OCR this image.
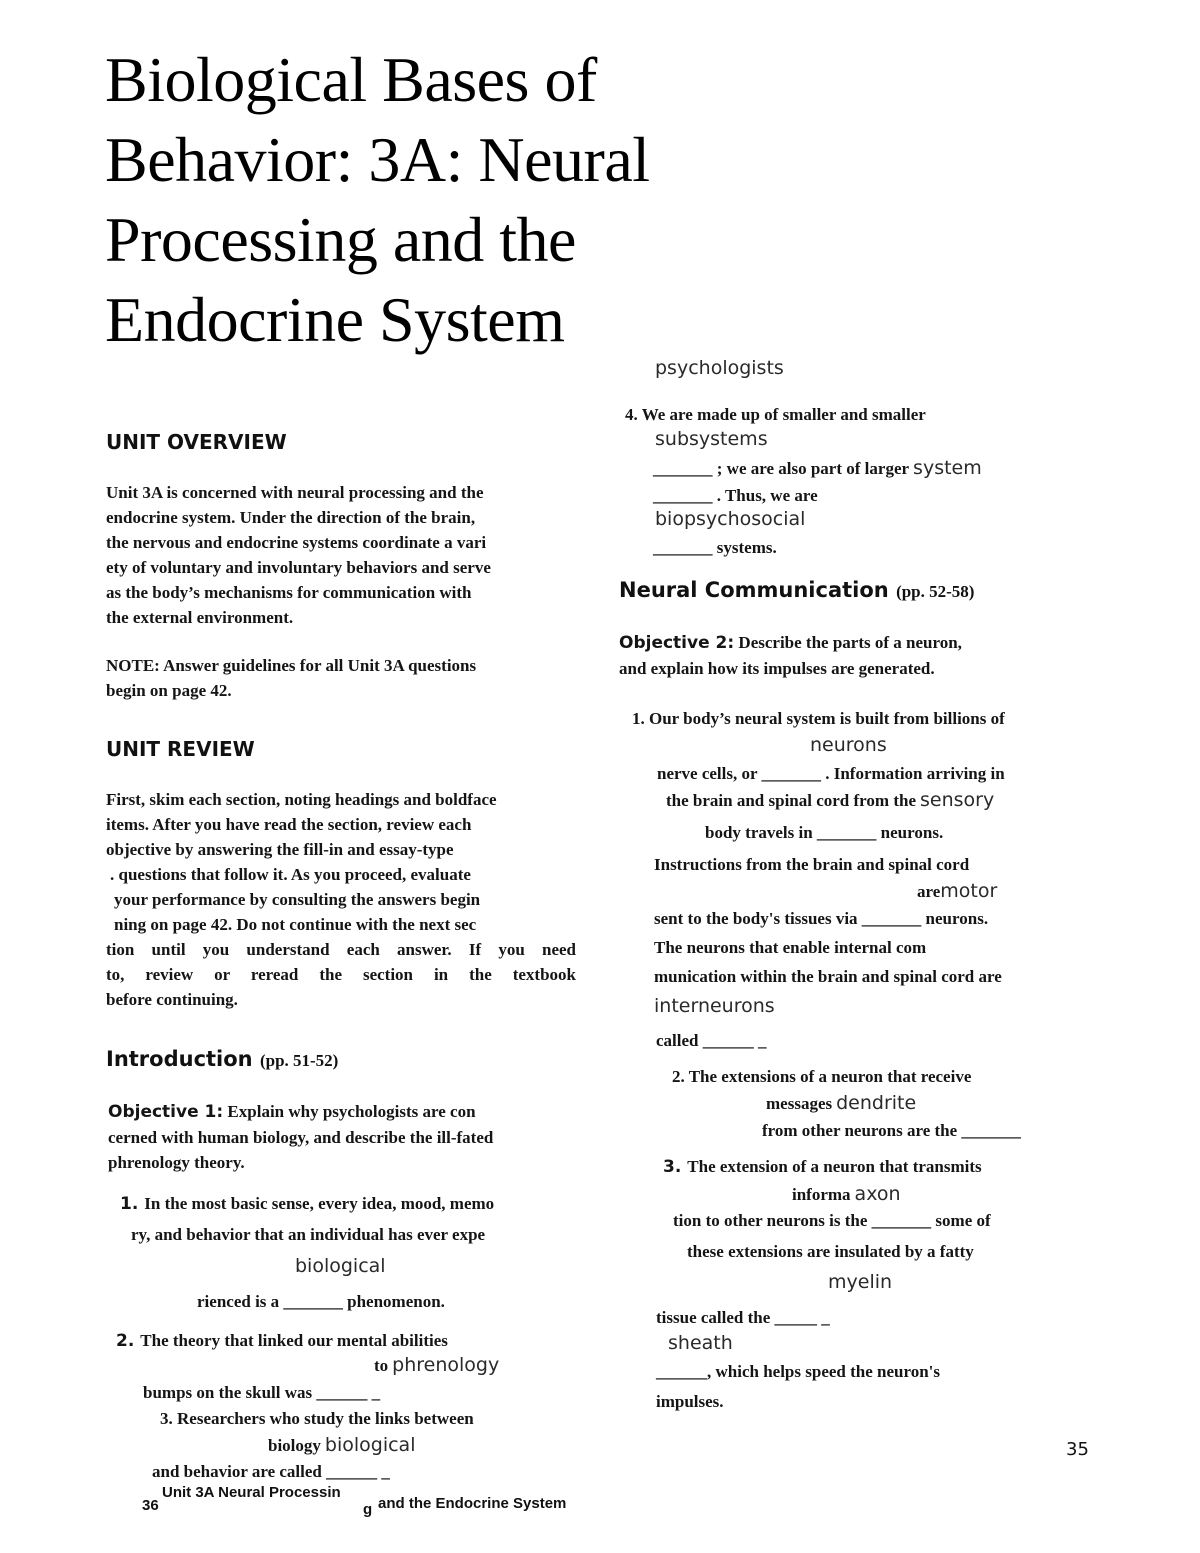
Biological Bases of
Behavior: 3A: Neural
Processing and the
Endocrine System
UNIT OVERVIEW
Unit 3A is concerned with neural processing and the
endocrine system. Under the direction of the brain,
the nervous and endocrine systems coordinate a vari
ety of voluntary and involuntary behaviors and serve
as the body’s mechanisms for communication with
the external environment.
NOTE: Answer guidelines for all Unit 3A questions
begin on page 42.
UNIT REVIEW
First, skim each section, noting headings and boldface
items. After you have read the section, review each
objective by answering the fill-in and essay-type
. questions that follow it. As you proceed, evaluate
your performance by consulting the answers begin
ning on page 42. Do not continue with the next sec
tion until you understand each answer. If you need
to, review or reread the section in the textbook
before continuing.
Introduction (pp. 51-52)
Objective 1: Explain why psychologists are con
cerned with human biology, and describe the ill-fated
phrenology theory.
1. In the most basic sense, every idea, mood, memo
ry, and behavior that an individual has ever expe
biological
rienced is a _______ phenomenon.
2. The theory that linked our mental abilities
to phrenology
bumps on the skull was ______ _
3. Researchers who study the links between
biology biological
and behavior are called ______ _
psychologists
4. We are made up of smaller and smaller
subsystems
_______ ; we are also part of larger system
_______ . Thus, we are
biopsychosocial
_______ systems.
Neural Communication (pp. 52-58)
Objective 2: Describe the parts of a neuron,
and explain how its impulses are generated.
1. Our body’s neural system is built from billions of
neurons
nerve cells, or _______ . Information arriving in
the brain and spinal cord from the sensory
body travels in _______ neurons.
Instructions from the brain and spinal cord
aremotor
sent to the body's tissues via _______ neurons.
The neurons that enable internal com
munication within the brain and spinal cord are
interneurons
called ______ _
2. The extensions of a neuron that receive
messages dendrite
from other neurons are the _______
3. The extension of a neuron that transmits
informa axon
tion to other neurons is the _______ some of
these extensions are insulated by a fatty
myelin
tissue called the _____ _
sheath
______, which helps speed the neuron's
impulses.
36
Unit 3A Neural Processin
g and the Endocrine System
35
